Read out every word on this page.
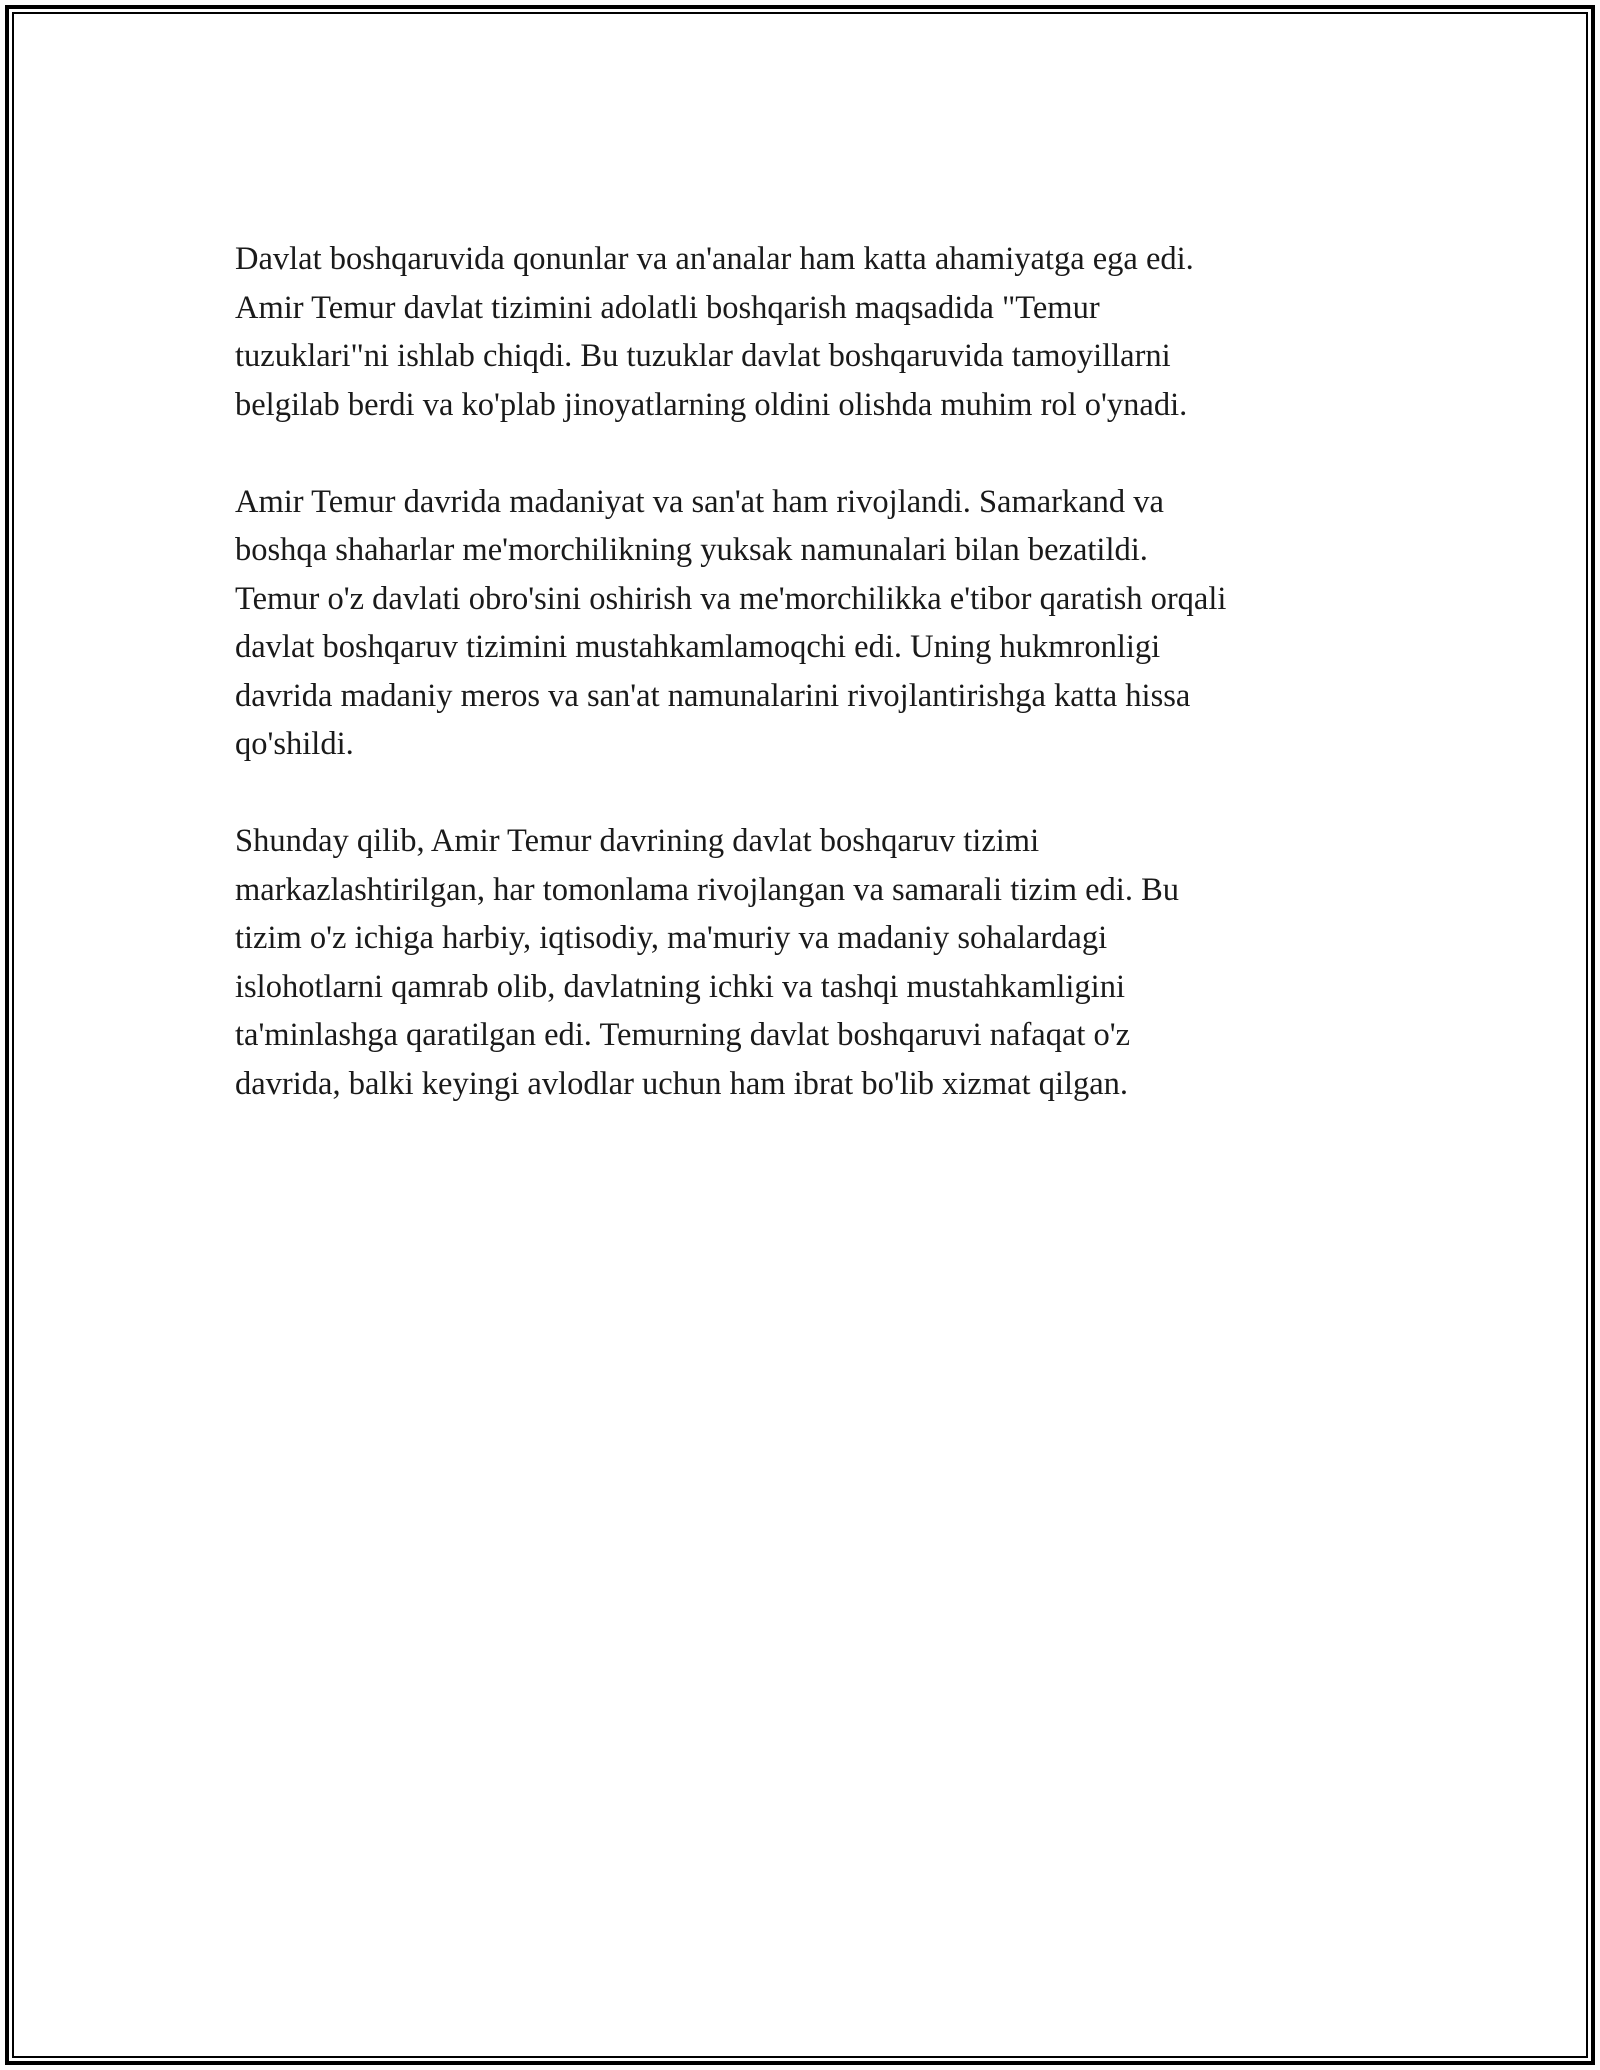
Davlat boshqaruvida qonunlar va an'analar ham katta ahamiyatga ega edi.
Amir Temur davlat tizimini adolatli boshqarish maqsadida "Temur
tuzuklari"ni ishlab chiqdi. Bu tuzuklar davlat boshqaruvida tamoyillarni
belgilab berdi va ko'plab jinoyatlarning oldini olishda muhim rol o'ynadi.

Amir Temur davrida madaniyat va san'at ham rivojlandi. Samarkand va
boshqa shaharlar me'morchilikning yuksak namunalari bilan bezatildi.
Temur o'z davlati obro'sini oshirish va me'morchilikka e'tibor qaratish orqali
davlat boshqaruv tizimini mustahkamlamoqchi edi. Uning hukmronligi
davrida madaniy meros va san'at namunalarini rivojlantirishga katta hissa
qo'shildi.

Shunday qilib, Amir Temur davrining davlat boshqaruv tizimi
markazlashtirilgan, har tomonlama rivojlangan va samarali tizim edi. Bu
tizim o'z ichiga harbiy, iqtisodiy, ma'muriy va madaniy sohalardagi
islohotlarni qamrab olib, davlatning ichki va tashqi mustahkamligini
ta'minlashga qaratilgan edi. Temurning davlat boshqaruvi nafaqat o'z
davrida, balki keyingi avlodlar uchun ham ibrat bo'lib xizmat qilgan.
